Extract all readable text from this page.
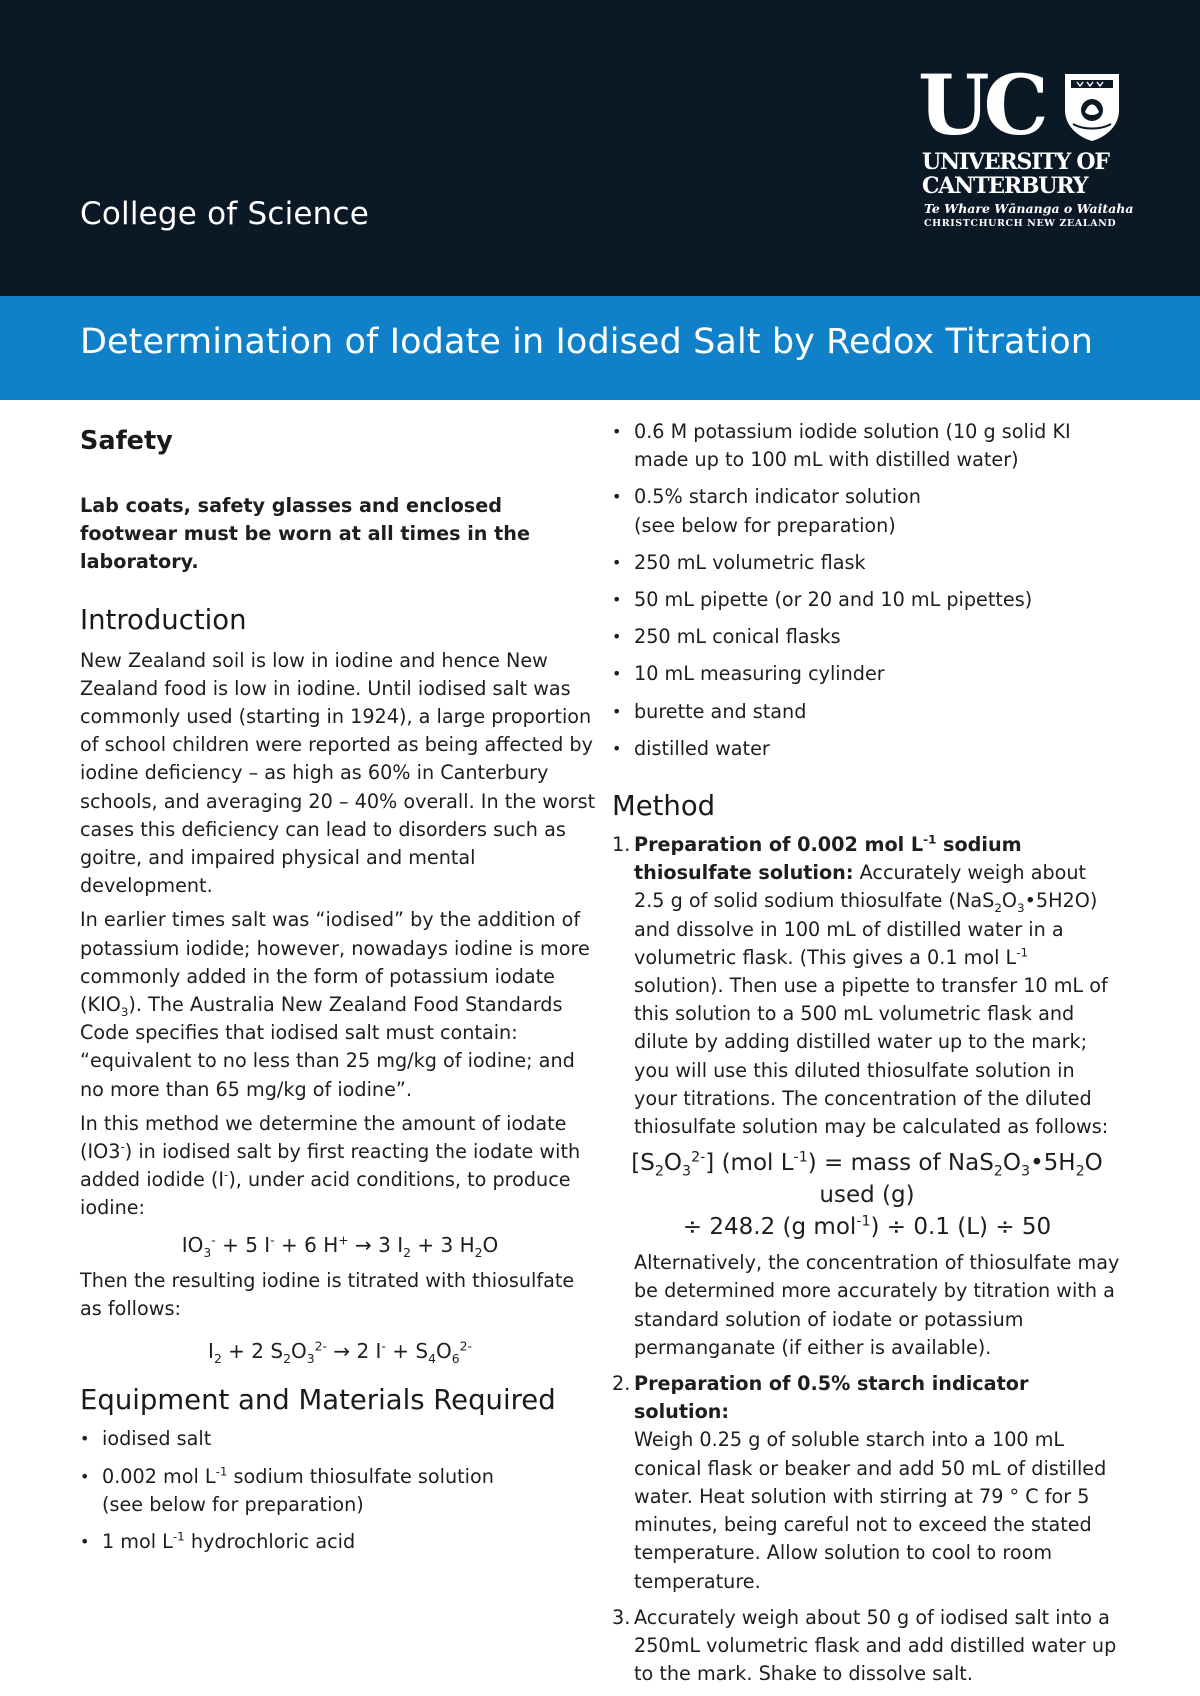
College of Science
UC
UNIVERSITY OF
CANTERBURY
Te Whare Wānanga o Waitaha
CHRISTCHURCH NEW ZEALAND
Determination of Iodate in Iodised Salt by Redox Titration
Safety

Lab coats, safety glasses and enclosed footwear must be worn at all times in the laboratory.

Introduction

New Zealand soil is low in iodine and hence New Zealand food is low in iodine. Until iodised salt was commonly used (starting in 1924), a large proportion of school children were reported as being affected by iodine deficiency – as high as 60% in Canterbury schools, and averaging 20 – 40% overall. In the worst cases this deficiency can lead to disorders such as goitre, and impaired physical and mental development.

In earlier times salt was “iodised” by the addition of potassium iodide; however, nowadays iodine is more commonly added in the form of potassium iodate $(KIO_3)$. The Australia New Zealand Food Standards Code specifies that iodised salt must contain: “equivalent to no less than 25 mg/kg of iodine; and no more than 65 mg/kg of iodine”.

In this method we determine the amount of iodate (IO3-) in iodised salt by first reacting the iodate with added iodide (I-), under acid conditions, to produce iodine:

$IO_3^- + 5$ I- + 6 H+ → 3 $I_2 + 3$ $H_2O$

Then the resulting iodine is titrated with thiosulfate as follows:

$I_2 + 2$ $S_2O_3^{2-} \to 2$ $I^- + S_4O_6^{2-}$
Equipment and Materials Required
• iodised salt
• 0.002 mol $L^{-1}$ sodium thiosulfate solution
(see below for preparation)
• 1 mol $L^{-1}$ hydrochloric acid
• 0.6 M potassium iodide solution (10 g solid KI made up to 100 mL with distilled water)
• 0.5% starch indicator solution
(see below for preparation)
• 250 mL volumetric flask
• 50 mL pipette (or 20 and 10 mL pipettes)
• 250 mL conical flasks
• 10 mL measuring cylinder
• burette and stand
• distilled water
Method
1. Preparation of 0.002 mol $L^{-1}$ sodium thiosulfate solution: Accurately weigh about 2.5 g of solid sodium thiosulfate $(NaS_2O_3•5H2O)$ and dissolve in 100 mL of distilled water in a volumetric flask. (This gives a 0.1 mol $L^{-1}$ solution). Then use a pipette to transfer 10 mL of this solution to a 500 mL volumetric flask and dilute by adding distilled water up to the mark; you will use this diluted thiosulfate solution in your titrations. The concentration of the diluted thiosulfate solution may be calculated as follows:
$[S_2O_3^{2-}]$ (mol $L^{-1}$) = mass of $NaS_2O_3•5H_2O$ used (g)
÷ 248.2 (g mol$^{-1}$) ÷ 0.1 (L) ÷ 50
Alternatively, the concentration of thiosulfate may be determined more accurately by titration with a standard solution of iodate or potassium permanganate (if either is available).
2. Preparation of 0.5% starch indicator solution:
Weigh 0.25 g of soluble starch into a 100 mL conical flask or beaker and add 50 mL of distilled water. Heat solution with stirring at 79 ° C for 5 minutes, being careful not to exceed the stated temperature. Allow solution to cool to room temperature.
3. Accurately weigh about 50 g of iodised salt into a 250mL volumetric flask and add distilled water up to the mark. Shake to dissolve salt.
